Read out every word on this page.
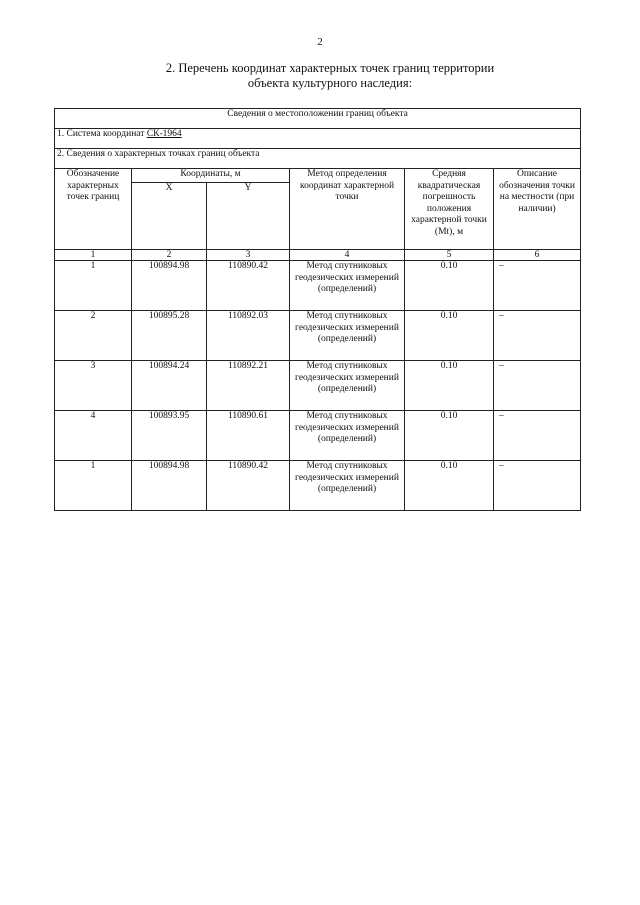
2
2. Перечень координат характерных точек границ территории
объекта культурного наследия:
Сведения о местоположении границ объекта					
1. Система координат СК-1964					
2. Сведения о характерных точках границ объекта					
Обозначение характерных точек границ	Координаты, м		Метод определения координат характерной точки	Средняя квадратическая погрешность положения характерной точки (Mt), м	Описание обозначения точки на местности (при наличии)
	X	Y			
1	2	3	4	5	6
1	100894.98	110890.42	Метод спутниковых геодезических измерений (определений)	0.10	–
2	100895.28	110892.03	Метод спутниковых геодезических измерений (определений)	0.10	–
3	100894.24	110892.21	Метод спутниковых геодезических измерений (определений)	0.10	–
4	100893.95	110890.61	Метод спутниковых геодезических измерений (определений)	0.10	–
1	100894.98	110890.42	Метод спутниковых геодезических измерений (определений)	0.10	–
